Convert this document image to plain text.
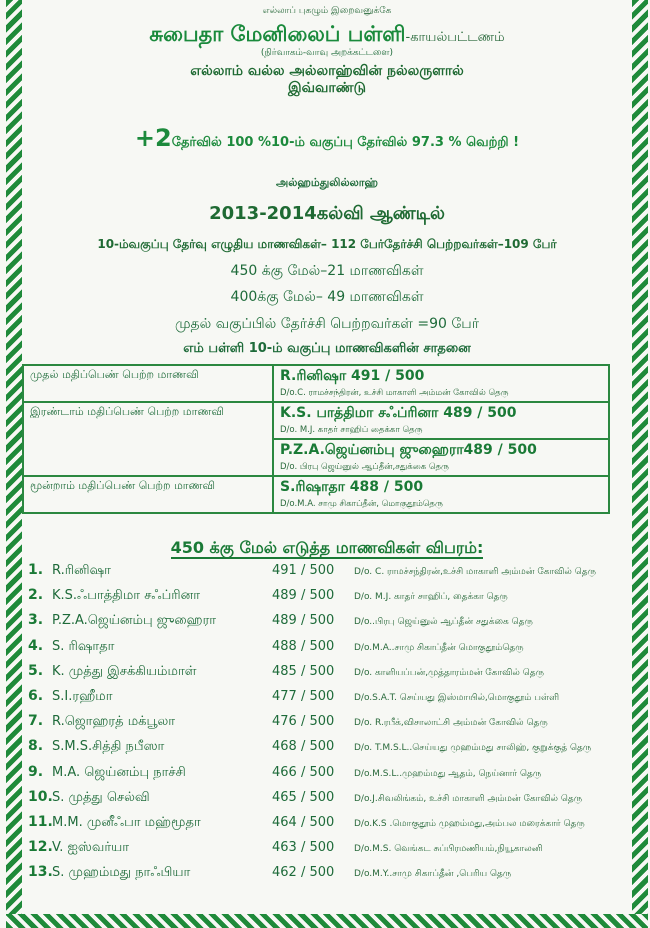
எல்லாப் புகழும் இறைவனுக்கே
சுபைதா மேனிலைப் பள்ளி-காயல்பட்டணம்
(நிர்வாகம்-வாவு அறக்கட்டளை)
எல்லாம் வல்ல அல்லாஹ்வின் நல்லருளால்
இவ்வாண்டு
+2தேர்வில் 100 %10-ம் வகுப்பு தேர்வில் 97.3 % வெற்றி !
அல்ஹம்துலில்லாஹ்
2013-2014கல்வி ஆண்டில்
10-ம்வகுப்பு தேர்வு எழுதிய மாணவிகள்– 112 பேர்தேர்ச்சி பெற்றவர்கள்–109 பேர்
450 க்கு மேல்–21 மாணவிகள்
400க்கு மேல்– 49 மாணவிகள்
முதல் வகுப்பில் தேர்ச்சி பெற்றவர்கள் =90 பேர்
எம் பள்ளி 10-ம் வகுப்பு மாணவிகளின் சாதனை
முதல் மதிப்பெண் பெற்ற மாணவி	R.ரினிஷா 491 / 500
D/o.C. ராமச்சந்திரன், உச்சி மாகாளி அம்மன் கோவில் தெரு

இரண்டாம் மதிப்பெண் பெற்ற மாணவி	K.S. பாத்திமா சஃப்ரினா 489 / 500
D/o. M.J. காதர் சாஹிப் தைக்கா தெரு

	P.Z.A.ஜெய்னம்பு ஜுஹைரா489 / 500
D/o. பிரபு ஜெய்னுல் ஆப்தீன்,சதுக்கை தெரு

மூன்றாம் மதிப்பெண் பெற்ற மாணவி	S.ரிஷாதா 488 / 500
D/o.M.A. சாமு சிகாப்தீன், மொகுதூம்தெரு
450 க்கு மேல் எடுத்த மாணவிகள் விபரம்:
1. R.ரினிஷா	491 / 500	D/o. C. ராமச்சந்திரன்,உச்சி மாகாளி அம்மன் கோவில் தெரு
2. K.S.ஃபாத்திமா சஃப்ரினா	489 / 500	D/o. M.J. காதர் சாஹிப், தைக்கா தெரு
3. P.Z.A.ஜெய்னம்பு ஜுஹைரா	489 / 500	D/o..பிரபு ஜெய்னுல் ஆப்தீன் சதுக்கை தெரு
4. S. ரிஷாதா	488 / 500	D/o.M.A..சாமு சிகாப்தீன் மொகுதூம்தெரு
5. K. முத்து இசக்கியம்மாள்	485 / 500	D/o. காளியப்பன்,முத்தாரம்மன் கோவில் தெரு
6. S.I.ரஹீமா	477 / 500	D/o.S.A.T. செய்யது இஸ்மாயில்,மொகுதூம் பள்ளி
7. R.ஜொஹரத் மக்பூலா	476 / 500	D/o. R.ரபீக்,விசாலாட்சி அம்மன் கோவில் தெரு
8. S.M.S.சித்தி நபீஸா	468 / 500	D/o. T.M.S.L..செய்யது முஹம்மது சாலிஹ், குறுக்குத் தெரு
9. M.A. ஜெய்னம்பு நாச்சி	466 / 500	D/o.M.S.L..முஹம்மது ஆதம், நெய்னார் தெரு
10. S. முத்து செல்வி	465 / 500	D/o.J.சிவலிங்கம், உச்சி மாகாளி அம்மன் கோவில் தெரு
11. M.M. முனீஃபா மஹ்மூதா	464 / 500	D/o.K.S .மொகுதூம் முஹம்மது,அம்பல மரைக்கார் தெரு
12. V. ஐஸ்வர்யா	463 / 500	D/o.M.S. வெங்கட சுப்பிரமணியம்,நியூகாலனி
13. S. முஹம்மது நாஃபியா	462 / 500	D/o.M.Y..சாமு சிகாப்தீன் ,பெரிய தெரு
